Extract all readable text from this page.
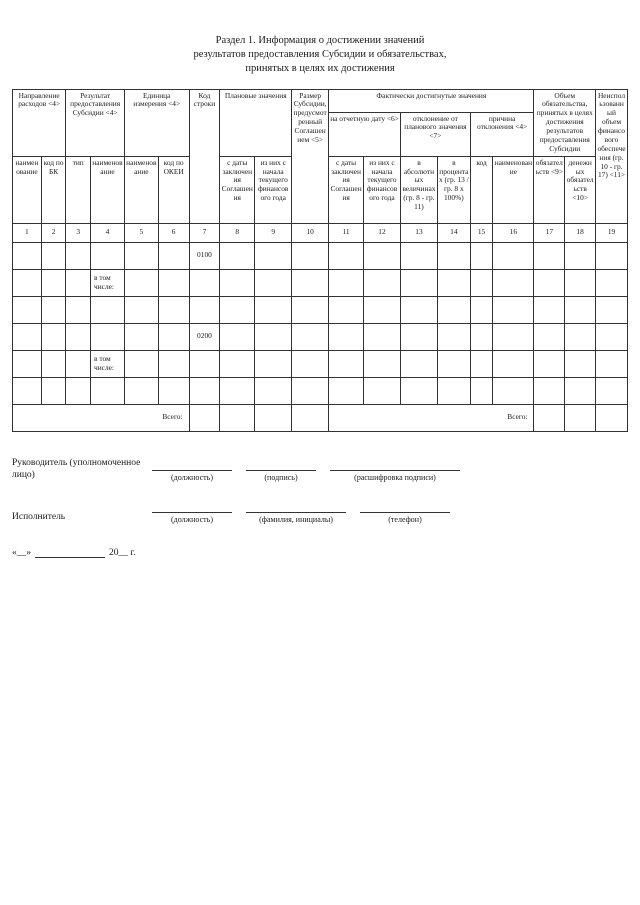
Раздел 1. Информация о достижении значений
результатов предоставления Субсидии и обязательствах,
принятых в целях их достижения
Направление расходов <4>		Результат предоставления Субсидии <4>		Единица измерения <4>		Код строки	Плановые значения		Размер Субсидии, предусмотренный Соглашением <5>	Фактически достигнутые значения						Объем обязательства, принятых в целях достижения результатов предоставления Субсидии		Неиспользованный объем финансового обеспечения (гр. 10 - гр. 17) <11>
										на отчетную дату <6>		отклонение от планового значения <7>		причина отклонения <4>				

наименование	код по БК	тип	наименование	наименование	код по ОКЕИ		с даты заключения Соглашения	из них с начала текущего финансового года		с даты заключения Соглашения	из них с начала текущего финансового года	в абсолютных величинах (гр. 8 - гр. 11)	в процентах (гр. 13 / гр. 8 x 100%)	код	наименование	обязательств <9>	денежных обязательств <10>	
1	2	3	4	5	6	7	8	9	10	11	12	13	14	15	16	17	18	19
						0100												
			в том числе:															

						0200												
			в том числе:															

Всего:										Всего:								
Руководитель (уполномоченное лицо)	(должность)	(подпись)	(расшифровка подписи)
Исполнитель	(должность)	(фамилия, инициалы)	(телефон)
«__»	20__ г.
